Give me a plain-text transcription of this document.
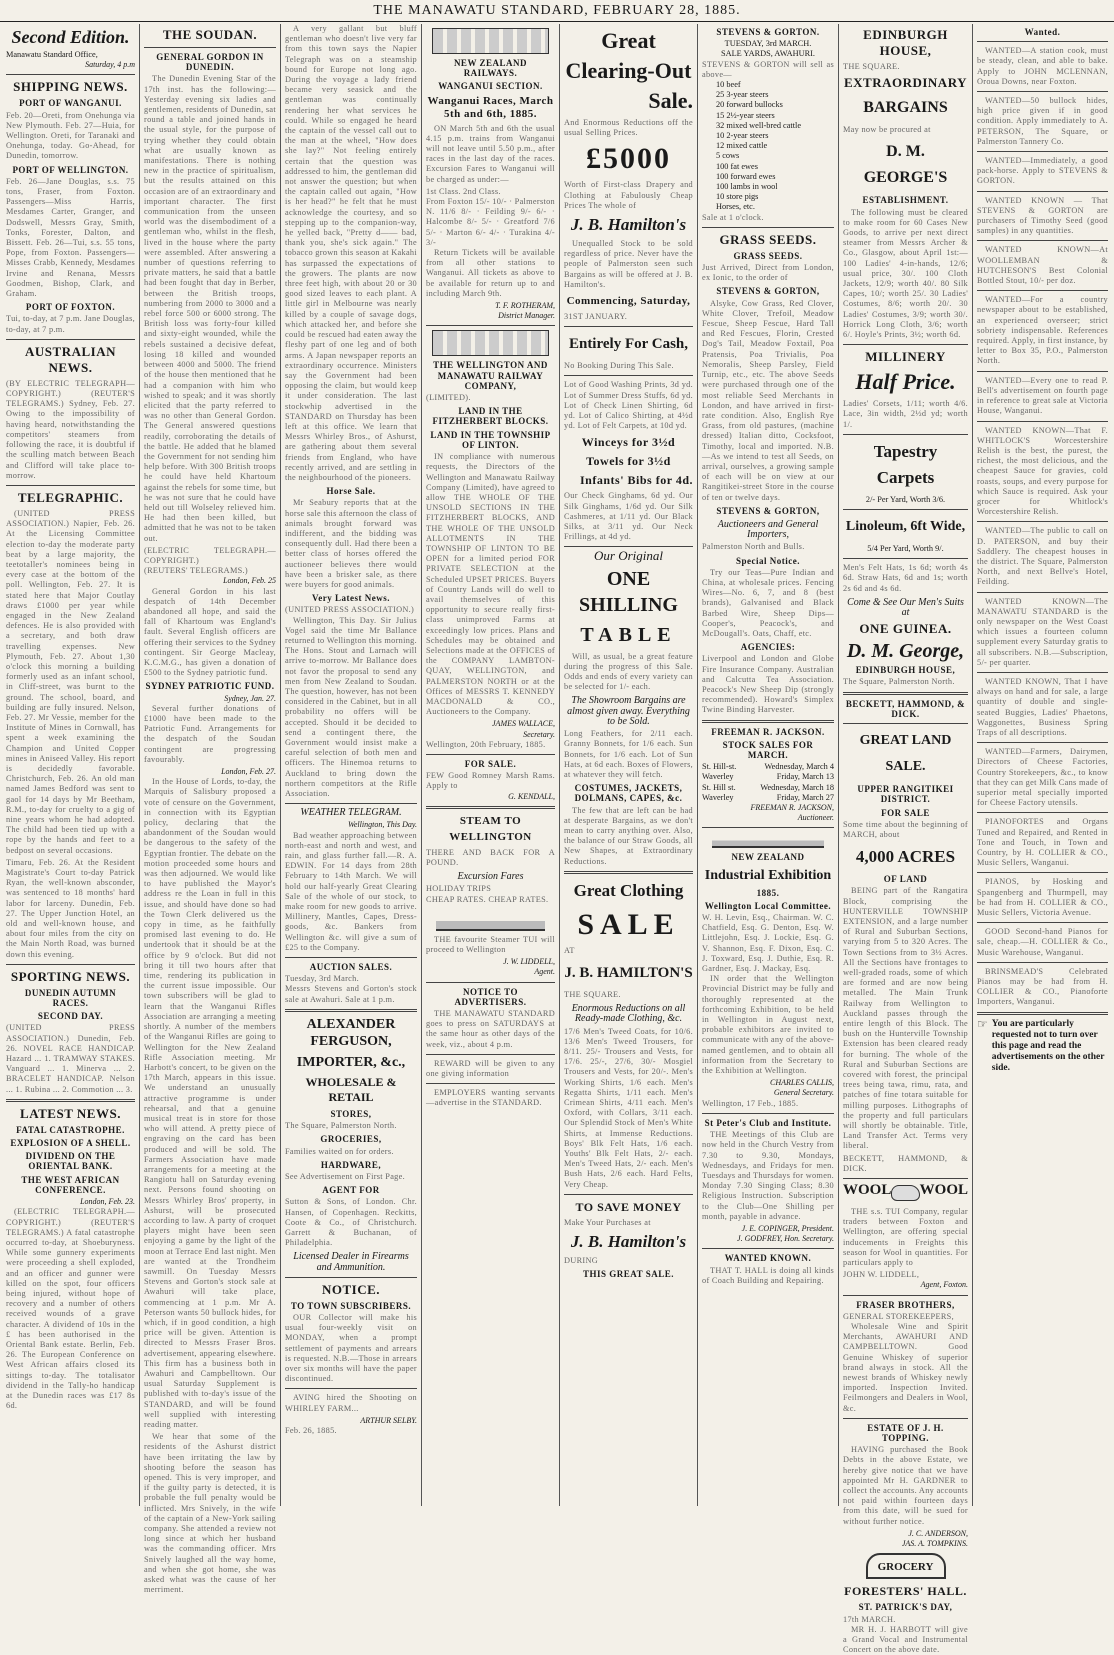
THE MANAWATU STANDARD, FEBRUARY 28, 1885.
Second Edition.
Manawatu Standard Office,
Saturday, 4 p.m
SHIPPING NEWS.
PORT OF WANGANUI.
Feb. 20—Oreti, from Onehunga via New Plymouth. Feb. 27—Huia, for Wellington. Oreti, for Taranaki and Onehunga, today. Go-Ahead, for Dunedin, tomorrow.
PORT OF WELLINGTON.
Feb. 26—Jane Douglas, s.s. 75 tons, Fraser, from Foxton. Passengers—Miss Harris, Mesdames Carter, Granger, and Dodswell, Messrs Gray, Smith, Tonks, Forester, Dalton, and Bissett. Feb. 26—Tui, s.s. 55 tons, Pope, from Foxton. Passengers—Misses Crabb, Kennedy, Mesdames Irvine and Renana, Messrs Goodmen, Bishop, Clark, and Graham.
PORT OF FOXTON.
Tui, to-day, at 7 p.m. Jane Douglas, to-day, at 7 p.m.
AUSTRALIAN NEWS.
(BY ELECTRIC TELEGRAPH—COPYRIGHT.) (REUTER'S TELEGRAMS.) Sydney, Feb. 27. Owing to the impossibility of having heard, notwithstanding the competitors' steamers from following the race, it is doubtful if the sculling match between Beach and Clifford will take place to-morrow.
TELEGRAPHIC.

(UNITED PRESS ASSOCIATION.) Napier, Feb. 26. At the Licensing Committee election to-day the moderate party beat by a large majority, the teetotaller's nominees being in every case at the bottom of the poll. Wellington, Feb. 27. It is stated here that Major Coutlay draws £1000 per year while engaged in the New Zealand defences. He is also provided with a secretary, and both draw travelling expenses. New Plymouth, Feb. 27. About 1,30 o'clock this morning a building formerly used as an infant school, in Cliff-street, was burnt to the ground. The school, board, and building are fully insured. Nelson, Feb. 27. Mr Vessie, member for the Institute of Mines in Cornwall, has spent a week examining the Champion and United Copper mines in Aniseed Valley. His report is decidedly favorable. Christchurch, Feb. 26. An old man named James Bedford was sent to gaol for 14 days by Mr Beetham, R.M., to-day for cruelty to a gig of nine years whom he had adopted. The child had been tied up with a rope by the hands and feet to a bedpost on several occasions.

Timaru, Feb. 26. At the Resident Magistrate's Court to-day Patrick Ryan, the well-known absconder, was sentenced to 18 months' hard labor for larceny. Dunedin, Feb. 27. The Upper Junction Hotel, an old and well-known house, and about four miles from the city on the Main North Road, was burned down this evening.
SPORTING NEWS.
DUNEDIN AUTUMN RACES.
SECOND DAY.
(UNITED PRESS ASSOCIATION.) Dunedin, Feb. 26. NOVEL RACE HANDICAP. Hazard ... 1. TRAMWAY STAKES. Vanguard ... 1. Minerva ... 2. BRACELET HANDICAP. Nelson ... 1. Rubina ... 2. Commotion ... 3.
LATEST NEWS.
FATAL CATASTROPHE.
EXPLOSION OF A SHELL.
DIVIDEND ON THE ORIENTAL BANK.
THE WEST AFRICAN CONFERENCE.
London, Feb. 23.

(ELECTRIC TELEGRAPH.—COPYRIGHT.) (REUTER'S TELEGRAMS.) A fatal catastrophe occurred to-day, at Shoeburyness. While some gunnery experiments were proceeding a shell exploded, and an officer and gunner were killed on the spot, four officers being injured, without hope of recovery and a number of others received wounds of a grave character. A dividend of 10s in the £ has been authorised in the Oriental Bank estate. Berlin, Feb. 26. The European Conference on West African affairs closed its sittings to-day. The totalisator dividend in the Tally-ho handicap at the Dunedin races was £17 8s 6d.

THE SOUDAN.
GENERAL GORDON IN DUNEDIN.

The Dunedin Evening Star of the 17th inst. has the following:—Yesterday evening six ladies and gentlemen, residents of Dunedin, sat round a table and joined hands in the usual style, for the purpose of trying whether they could obtain what are usually known as manifestations. There is nothing new in the practice of spiritualism, but the results attained on this occasion are of an extraordinary and important character. The first communication from the unseen world was the disembodiment of a gentleman who, whilst in the flesh, lived in the house where the party were assembled. After answering a number of questions referring to private matters, he said that a battle had been fought that day in Berber, between the British troops, numbering from 2000 to 3000 and a rebel force 500 or 6000 strong. The British loss was forty-four killed and sixty-eight wounded, while the rebels sustained a decisive defeat, losing 18 killed and wounded between 4000 and 5000. The friend of the house then mentioned that he had a companion with him who wished to speak; and it was shortly elicited that the party referred to was no other than General Gordon. The General answered questions readily, corroborating the details of the battle. He added that he blamed the Government for not sending him help before. With 300 British troops he could have held Khartoum against the rebels for some time, but he was not sure that he could have held out till Wolseley relieved him. He had then been killed, but admitted that he was not to be taken out.

(ELECTRIC TELEGRAPH.—COPYRIGHT.)
(REUTERS' TELEGRAMS.)
London, Feb. 25

General Gordon in his last despatch of 14th December abandoned all hope, and said the fall of Khartoum was England's fault. Several English officers are offering their services to the Sydney contingent. Sir George Macleay, K.C.M.G., has given a donation of £500 to the Sydney patriotic fund.

SYDNEY PATRIOTIC FUND.
Sydney, Jan. 27.

Several further donations of £1000 have been made to the Patriotic Fund. Arrangements for the despatch of the Soudan contingent are progressing favourably.

London, Feb. 27.

In the House of Lords, to-day, the Marquis of Salisbury proposed a vote of censure on the Government, in connection with its Egyptian policy, declaring that the abandonment of the Soudan would be dangerous to the safety of the Egyptian frontier. The debate on the motion proceeded some hours and was then adjourned. We would like to have published the Mayor's address re the Loan in full in this issue, and should have done so had the Town Clerk delivered us the copy in time, as he faithfully promised last evening to do. He undertook that it should be at the office by 9 o'clock. But did not bring it till two hours after that time, rendering its publication in the current issue impossible. Our town subscribers will be glad to learn that the Wanganui Rifles Association are arranging a meeting shortly. A number of the members of the Wanganui Rifles are going to Wellington for the New Zealand Rifle Association meeting. Mr Harbott's concert, to be given on the 17th March, appears in this issue. We understand an unusually attractive programme is under rehearsal, and that a genuine musical treat is in store for those who will attend. A pretty piece of engraving on the card has been produced and will be sold. The Farmers Association have made arrangements for a meeting at the Rangiotu hall on Saturday evening next. Persons found shooting on Messrs Whirley Bros' property, in Ashurst, will be prosecuted according to law. A party of croquet players might have been seen enjoying a game by the light of the moon at Terrace End last night. Men are wanted at the Trondheim sawmill. On Tuesday Messrs Stevens and Gorton's stock sale at Awahuri will take place, commencing at 1 p.m. Mr A. Peterson wants 50 bullock hides, for which, if in good condition, a high price will be given. Attention is directed to Messrs Fraser Bros. advertisement, appearing elsewhere. This firm has a business both in Awahuri and Campbelltown. Our usual Saturday Supplement is published with to-day's issue of the STANDARD, and will be found well supplied with interesting reading matter.

We hear that some of the residents of the Ashurst district have been irritating the law by shooting before the season has opened. This is very improper, and if the guilty party is detected, it is probable the full penalty would be inflicted. Mrs Snively, in the wife of the captain of a New-York sailing company. She attended a review not long since at which her husband was the commanding officer. Mrs Snively laughed all the way home, and when she got home, she was asked what was the cause of her merriment.

A very gallant but bluff gentleman who doesn't live very far from this town says the Napier Telegraph was on a steamship bound for Europe not long ago. During the voyage a lady friend became very seasick and the gentleman was continually rendering her what services he could. While so engaged he heard the captain of the vessel call out to the man at the wheel, "How does she lay?" Not feeling entirely certain that the question was addressed to him, the gentleman did not answer the question; but when the captain called out again, "How is her head?" he felt that he must acknowledge the courtesy, and so stepping up to the companion-way, he yelled back, "Pretty d—— bad, thank you, she's sick again." The tobacco grown this season at Kakahi has surpassed the expectations of the growers. The plants are now three feet high, with about 20 or 30 good sized leaves to each plant. A little girl in Melbourne was nearly killed by a couple of savage dogs, which attacked her, and before she could be rescued had eaten away the fleshy part of one leg and of both arms. A Japan newspaper reports an extraordinary occurrence. Ministers say the Government had been opposing the claim, but would keep it under consideration. The last stockwhip advertised in the STANDARD on Thursday has been left at this office. We learn that Messrs Whirley Bros., of Ashurst, are gathering about them several friends from England, who have recently arrived, and are settling in the neighbourhood of the pioneers.

Horse Sale.

Mr Seabury reports that at the horse sale this afternoon the class of animals brought forward was indifferent, and the bidding was consequently dull. Had there been a better class of horses offered the auctioneer believes there would have been a brisker sale, as there were buyers for good animals.

Very Latest News.
(UNITED PRESS ASSOCIATION.)

Wellington, This Day. Sir Julius Vogel said the time Mr Ballance returned to Wellington this morning. The Hons. Stout and Larnach will arrive to-morrow. Mr Ballance does not favor the proposal to send any men from New Zealand to Soudan. The question, however, has not been considered in the Cabinet, but in all probability no offers will be accepted. Should it be decided to send a contingent there, the Government would insist make a careful selection of both men and officers. The Hinemoa returns to Auckland to bring down the northern competitors at the Rifle Association.

WEATHER TELEGRAM.
Wellington, This Day.

Bad weather approaching between north-east and north and west, and rain, and glass further fall.—R. A. EDWIN. For 14 days from 28th February to 14th March. We will hold our half-yearly Great Clearing Sale of the whole of our stock, to make room for new goods to arrive. Millinery, Mantles, Capes, Dress-goods, &c. Bankers from Wellington &c. will give a sum of £25 to the Company.

AUCTION SALES.
Tuesday, 3rd March.
Messrs Stevens and Gorton's stock sale at Awahuri. Sale at 1 p.m.
ALEXANDER FERGUSON,
IMPORTER, &c.,
WHOLESALE & RETAIL
STORES,
The Square, Palmerston North.
GROCERIES,
Families waited on for orders.
HARDWARE,
See Advertisement on First Page.
AGENT FOR
Sutton & Sons, of London. Chr. Hansen, of Copenhagen. Reckitts, Coote & Co., of Christchurch. Garrett & Buchanan, of Philadelphia.
Licensed Dealer in Firearms and Ammunition.
NOTICE.
TO TOWN SUBSCRIBERS.

OUR Collector will make his usual four-weekly visit on MONDAY, when a prompt settlement of payments and arrears is requested. N.B.—Those in arrears over six months will have the paper discontinued.

AVING hired the Shooting on WHIRLEY FARM...

ARTHUR SELBY.
Feb. 26, 1885.
NEW ZEALAND RAILWAYS.
WANGANUI SECTION.
Wanganui Races, March 5th and 6th, 1885.

ON March 5th and 6th the usual 4.15 p.m. trains from Wanganui will not leave until 5.50 p.m., after races in the last day of the races. Excursion Fares to Wanganui will be charged as under:—

1st Class. 2nd Class.
From Foxton 15/- 10/- · Palmerston N. 11/6 8/- · Feilding 9/- 6/- · Halcombe 8/- 5/- · Greatford 7/6 5/- · Marton 6/- 4/- · Turakina 4/- 3/-

Return Tickets will be available from all other stations to Wanganui. All tickets as above to be available for return up to and including March 9th.

T. F. ROTHERAM,
District Manager.
THE WELLINGTON AND MANAWATU RAILWAY COMPANY,
(LIMITED).
LAND IN THE FITZHERBERT BLOCKS.
LAND IN THE TOWNSHIP OF LINTON.

IN compliance with numerous requests, the Directors of the Wellington and Manawatu Railway Company (Limited), have agreed to allow THE WHOLE OF THE UNSOLD SECTIONS IN THE FITZHERBERT BLOCKS, AND THE WHOLE OF THE UNSOLD ALLOTMENTS IN THE TOWNSHIP OF LINTON TO BE OPEN for a limited period FOR PRIVATE SELECTION at the Scheduled UPSET PRICES. Buyers of Country Lands will do well to avail themselves of this opportunity to secure really first-class unimproved Farms at exceedingly low prices. Plans and Schedules may be obtained and Selections made at the OFFICES of the COMPANY LAMBTON-QUAY, WELLINGTON, and PALMERSTON NORTH or at the Offices of MESSRS T. KENNEDY MACDONALD & CO., Auctioneers to the Company.

JAMES WALLACE,
Secretary.
Wellington, 20th February, 1885.
FOR SALE.
FEW Good Romney Marsh Rams. Apply to
G. KENDALL,
STEAM TO WELLINGTON
THERE AND BACK FOR A POUND.
Excursion Fares
HOLIDAY TRIPS
CHEAP RATES. CHEAP RATES.

THE favourite Steamer TUI will proceed to Wellington

J. W. LIDDELL,
Agent.
NOTICE TO ADVERTISERS.

THE MANAWATU STANDARD goes to press on SATURDAYS at the same hour as other days of the week, viz., about 4 p.m.

REWARD will be given to any one giving information

EMPLOYERS wanting servants—advertise in the STANDARD.

Great
Clearing-Out
Sale.
And Enormous Reductions off the usual Selling Prices.
£5000
Worth of First-class Drapery and Clothing at Fabulously Cheap Prices The whole of
J. B. Hamilton's

Unequalled Stock to be sold regardless of price. Never have the people of Palmerston seen such Bargains as will be offered at J. B. Hamilton's.

Commencing, Saturday,
31ST JANUARY.
Entirely For Cash,
No Booking During This Sale.
Lot of Good Washing Prints, 3d yd. Lot of Summer Dress Stuffs, 6d yd. Lot of Check Linen Shirting, 6d yd. Lot of Calico Shirting, at 4½d yd. Lot of Felt Carpets, at 10d yd.
Winceys for 3½d
Towels for 3½d
Infants' Bibs for 4d.
Our Check Ginghams, 6d yd. Our Silk Ginghams, 1/6d yd. Our Silk Cashmeres, at 1/11 yd. Our Black Silks, at 3/11 yd. Our Neck Frillings, at 4d yd.
Our Original
ONE SHILLING
TABLE

Will, as usual, be a great feature during the progress of this Sale. Odds and ends of every variety can be selected for 1/- each.

The Showroom Bargains are almost given away. Everything to be Sold.
Long Feathers, for 2/11 each. Granny Bonnets, for 1/6 each. Sun Bonnets, for 1/6 each. Lot of Sun Hats, at 6d each. Boxes of Flowers, at whatever they will fetch.
COSTUMES, JACKETS, DOLMANS, CAPES, &c.

The few that are left can be had at desperate Bargains, as we don't mean to carry anything over. Also, the balance of our Straw Goods, all New Shapes, at Extraordinary Reductions.

Great Clothing
SALE
AT
J. B. HAMILTON'S
THE SQUARE.
Enormous Reductions on all Ready-made Clothing, &c.
17/6 Men's Tweed Coats, for 10/6. 13/6 Men's Tweed Trousers, for 8/11. 25/- Trousers and Vests, for 17/6. 25/-, 27/6, 30/- Mosgiel Trousers and Vests, for 20/-. Men's Working Shirts, 1/6 each. Men's Regatta Shirts, 1/11 each. Men's Crimean Shirts, 4/11 each. Men's Oxford, with Collars, 3/11 each. Our Splendid Stock of Men's White Shirts, at Immense Reductions. Boys' Blk Felt Hats, 1/6 each. Youths' Blk Felt Hats, 2/- each. Men's Tweed Hats, 2/- each. Men's Bush Hats, 2/6 each. Hard Felts, Very Cheap.
TO SAVE MONEY
Make Your Purchases at
J. B. Hamilton's
DURING
THIS GREAT SALE.
STEVENS & GORTON.
TUESDAY, 3rd MARCH.
SALE YARDS, AWAHURI.
STEVENS & GORTON will sell as above—
10 beef
25 3-year steers
20 forward bullocks
15 2½-year steers
32 mixed well-bred cattle
10 2-year steers
12 mixed cattle
5 cows
100 fat ewes
100 forward ewes
100 lambs in wool
10 store pigs
Horses, etc.
Sale at 1 o'clock.
GRASS SEEDS.
GRASS SEEDS.
Just Arrived, Direct from London, ex Ionic, to the order of
STEVENS & GORTON,

Alsyke, Cow Grass, Red Clover, White Clover, Trefoil, Meadow Fescue, Sheep Fescue, Hard Tall and Red Fescues, Florin, Crested Dog's Tail, Meadow Foxtail, Poa Pratensis, Poa Trivialis, Poa Nemoralis, Sheep Parsley, Field Turnip, etc., etc. The above Seeds were purchased through one of the most reliable Seed Merchants in London, and have arrived in first-rate condition. Also, English Rye Grass, from old pastures, (machine dressed) Italian ditto, Cocksfoot, Timothy, local and imported. N.B.—As we intend to test all Seeds, on arrival, ourselves, a growing sample of each will be on view at our Rangitikei-street Store in the course of ten or twelve days.

STEVENS & GORTON,
Auctioneers and General Importers,
Palmerston North and Bulls.
Special Notice.

Try our Teas—Pure Indian and China, at wholesale prices. Fencing Wires—No. 6, 7, and 8 (best brands), Galvanised and Black Barbed Wire, Sheep Dips—Cooper's, Peacock's, and McDougall's. Oats, Chaff, etc.

AGENCIES:
Liverpool and London and Globe Fire Insurance Company. Australian and Calcutta Tea Association. Peacock's New Sheep Dip (strongly recommended). Howard's Simplex Twine Binding Harvester.
FREEMAN R. JACKSON.
STOCK SALES FOR MARCH.
St. Hill-st.	Wednesday, March 4
Waverley	Friday, March 13
St. Hill st.	Wednesday, March 18
Waverley	Friday, March 27
FREEMAN R. JACKSON,
Auctioneer.
NEW ZEALAND
Industrial Exhibition
1885.
Wellington Local Committee.
W. H. Levin, Esq., Chairman. W. C. Chatfield, Esq. G. Denton, Esq. W. Littlejohn, Esq. J. Lockie, Esq. G. V. Shannon, Esq. F. Dixon, Esq. C. J. Toxward, Esq. J. Duthie, Esq. R. Gardner, Esq. J. Mackay, Esq.

IN order that the Wellington Provincial District may be fully and thoroughly represented at the forthcoming Exhibition, to be held in Wellington in August next, probable exhibitors are invited to communicate with any of the above-named gentlemen, and to obtain all information from the Secretary to the Exhibition at Wellington.

CHARLES CALLIS,
General Secretary.
Wellington, 17 Feb., 1885.
St Peter's Club and Institute.

THE Meetings of this Club are now held in the Church Vestry from 7.30 to 9.30, Mondays, Wednesdays, and Fridays for men. Tuesdays and Thursdays for women. Monday 7.30 Singing Class; 8.30 Religious Instruction. Subscription to the Club—One Shilling per month, payable in advance.

J. E. COPINGER, President.
J. GODFREY, Hon. Secretary.
WANTED KNOWN.

THAT T. HALL is doing all kinds of Coach Building and Repairing.

EDINBURGH HOUSE,
THE SQUARE.
EXTRAORDINARY
BARGAINS
May now be procured at
D. M. GEORGE'S
ESTABLISHMENT.

The following must be cleared to make room for 60 Cases New Goods, to arrive per next direct steamer from Messrs Archer & Co., Glasgow, about April 1st:— 100 Ladies' 4-in-hands, 12/6; usual price, 30/. 100 Cloth Jackets, 12/9; worth 40/. 80 Silk Capes, 10/; worth 25/. 30 Ladies' Costumes, 8/6; worth 20/. 30 Ladies' Costumes, 3/9; worth 30/. Horrick Long Cloth, 3/6; worth 6/. Hoyle's Prints, 3½; worth 6d.

MILLINERY
Half Price.
Ladies' Corsets, 1/11; worth 4/6. Lace, 3in width, 2½d yd; worth 1/.
Tapestry Carpets
2/- Per Yard, Worth 3/6.
Linoleum, 6ft Wide,
5/4 Per Yard, Worth 9/.
Men's Felt Hats, 1s 6d; worth 4s 6d. Straw Hats, 6d and 1s; worth 2s 6d and 4s 6d.
Come & See Our Men's Suits at
ONE GUINEA.
D. M. George,
EDINBURGH HOUSE,
The Square, Palmerston North.
BECKETT, HAMMOND, & DICK.
GREAT LAND SALE.
UPPER RANGITIKEI DISTRICT.
FOR SALE
Some time about the beginning of MARCH, about
4,000 ACRES
OF LAND

BEING part of the Rangatira Block, comprising the HUNTERVILLE TOWNSHIP EXTENSION, and a large number of Rural and Suburban Sections, varying from 5 to 320 Acres. The Town Sections from to 3½ Acres. All the Sections have frontages to well-graded roads, some of which are formed and are now being metalled. The Main Trunk Railway from Wellington to Auckland passes through the entire length of this Block. The bush on the Hunterville Township Extension has been cleared ready for burning. The whole of the Rural and Suburban Sections are covered with forest, the principal trees being tawa, rimu, rata, and patches of fine totara suitable for milling purposes. Lithographs of the property and full particulars will shortly be obtainable. Title, Land Transfer Act. Terms very liberal.

BECKETT, HAMMOND, & DICK.
WOOL WOOL

THE s.s. TUI Company, regular traders between Foxton and Wellington, are offering special inducements in Freights this season for Wool in quantities. For particulars apply to

JOHN W. LIDDELL,
Agent, Foxton.
FRASER BROTHERS,
GENERAL STOREKEEPERS,

Wholesale Wine and Spirit Merchants, AWAHURI AND CAMPBELLTOWN. Good Genuine Whiskey of superior brand always in stock. All the newest brands of Whiskey newly imported. Inspection Invited. Feilmongers and Dealers in Wool, &c.

ESTATE OF J. H. TOPPING.

HAVING purchased the Book Debts in the above Estate, we hereby give notice that we have appointed Mr H. GARDNER to collect the accounts. Any accounts not paid within fourteen days from this date, will be sued for without further notice.

J. C. ANDERSON,
JAS. A. TOMPKINS.
GROCERY
FORESTERS' HALL.
ST. PATRICK'S DAY,
17th MARCH.

MR H. J. HARBOTT will give a Grand Vocal and Instrumental Concert on the above date.

Wanted.

WANTED—A station cook, must be steady, clean, and able to bake. Apply to JOHN MCLENNAN, Oroua Downs, near Foxton.

WANTED—50 bullock hides, high price given if in good condition. Apply immediately to A. PETERSON, The Square, or Palmerston Tannery Co.

WANTED—Immediately, a good pack-horse. Apply to STEVENS & GORTON.

WANTED KNOWN — That STEVENS & GORTON are purchasers of Timothy Seed (good samples) in any quantities.

WANTED KNOWN—At WOOLLEMBAN & HUTCHESON'S Best Colonial Bottled Stout, 10/- per doz.

WANTED—For a country newspaper about to be established, an experienced overseer; strict sobriety indispensable. References required. Apply, in first instance, by letter to Box 35, P.O., Palmerston North.

WANTED—Every one to read P. Bell's advertisement on fourth page in reference to great sale at Victoria House, Wanganui.

WANTED KNOWN—That F. WHITLOCK'S Worcestershire Relish is the best, the purest, the richest, the most delicious, and the cheapest Sauce for gravies, cold roasts, soups, and every purpose for which Sauce is required. Ask your grocer for Whitlock's Worcestershire Relish.

WANTED—The public to call on D. PATERSON, and buy their Saddlery. The cheapest houses in the district. The Square, Palmerston North, and next Bellve's Hotel, Feilding.

WANTED KNOWN—The MANAWATU STANDARD is the only newspaper on the West Coast which issues a fourteen column supplement every Saturday gratis to all subscribers. N.B.—Subscription, 5/- per quarter.

WANTED KNOWN, That I have always on hand and for sale, a large quantity of double and single-seated Buggies, Ladies' Phaetons, Waggonettes, Business Spring Traps of all descriptions.

WANTED—Farmers, Dairymen, Directors of Cheese Factories, Country Storekeepers, &c., to know that they can get Milk Cans made of superior metal specially imported for Cheese Factory utensils.

PIANOFORTES and Organs Tuned and Repaired, and Rented in Tone and Touch, in Town and Country, by H. COLLIER & CO., Music Sellers, Wanganui.

PIANOS, by Hosking and Spangenberg and Thurmpell, may be had from H. COLLIER & CO., Music Sellers, Victoria Avenue.

GOOD Second-hand Pianos for sale, cheap.—H. COLLIER & Co., Music Warehouse, Wanganui.

BRINSMEAD'S Celebrated Pianos may be had from H. COLLIER & CO., Pianoforte Importers, Wanganui.

☞ You are particularly requested not to turn over this page and read the advertisements on the other side.
